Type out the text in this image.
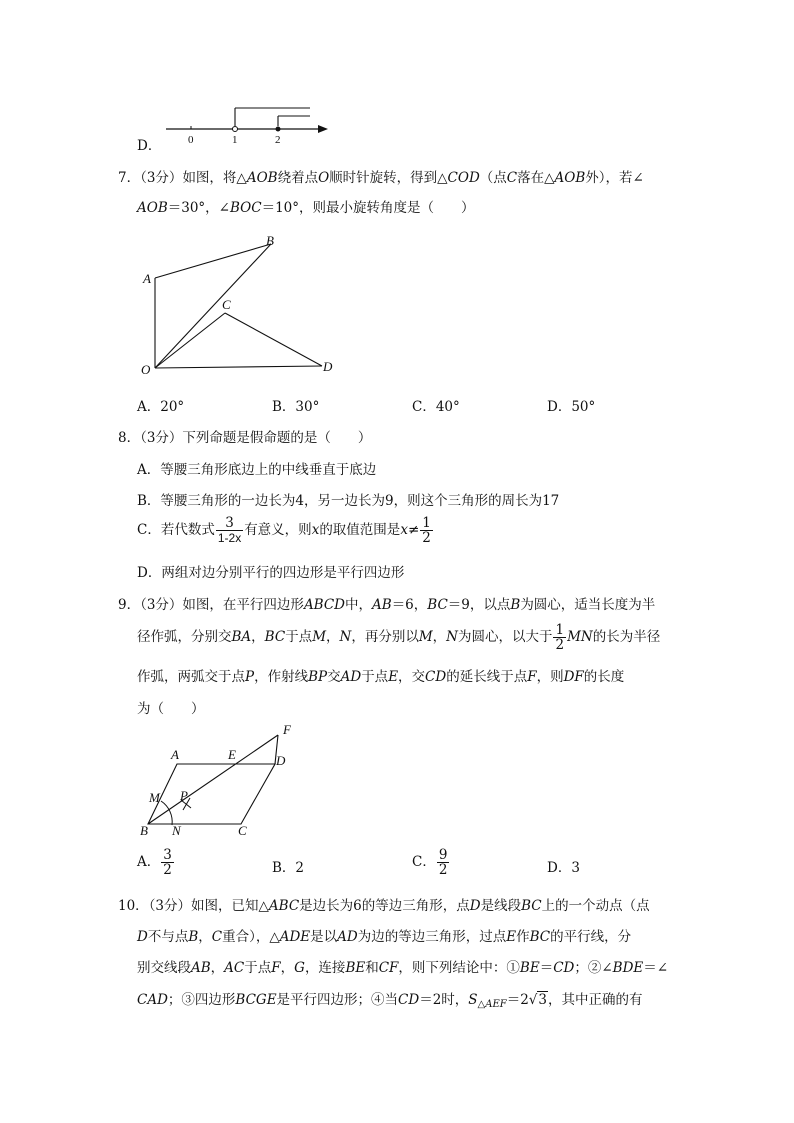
D． 0	1	2
7．（3分）如图，将△AOB绕着点O顺时针旋转，得到△COD（点C落在△AOB外），若∠
AOB＝30°，∠BOC＝10°，则最小旋转角度是（　　）
A
B
C
D
O
A．20°	B．30°	C．40°	D．50°
8．（3分）下列命题是假命题的是（　　）
A．等腰三角形底边上的中线垂直于底边
B．等腰三角形的一边长为4，另一边长为9，则这个三角形的周长为17
C．若代数式 $\frac{3}{1-2x}$ 有意义，则x的取值范围是$x\ne \frac{1}{2}$
D．两组对边分别平行的四边形是平行四边形
9．（3分）如图，在平行四边形ABCD中，AB＝6，BC＝9，以点B为圆心，适当长度为半
径作弧，分别交BA，BC于点M，N，再分别以M，N为圆心，以大于 $\frac{1}{2}$ MN的长为半径
作弧，两弧交于点P，作射线BP交AD于点E，交CD的延长线于点F，则DF的长度
为（　　）
F
A	E	D
M P
B N	C
A． $\frac{3}{2}$	B．2	C． $\frac{9}{2}$	D．3
10．（3分）如图，已知△ABC是边长为6的等边三角形，点D是线段BC上的一个动点（点
D不与点B，C重合），△ADE是以AD为边的等边三角形，过点E作BC的平行线，分
别交线段AB，AC于点F，G，连接BE和CF，则下列结论中：①BE＝CD；②∠BDE＝∠
CAD；③四边形BCGE是平行四边形；④当CD＝2时，$S_{\triangle AEF}=2√3$，其中正确的有
